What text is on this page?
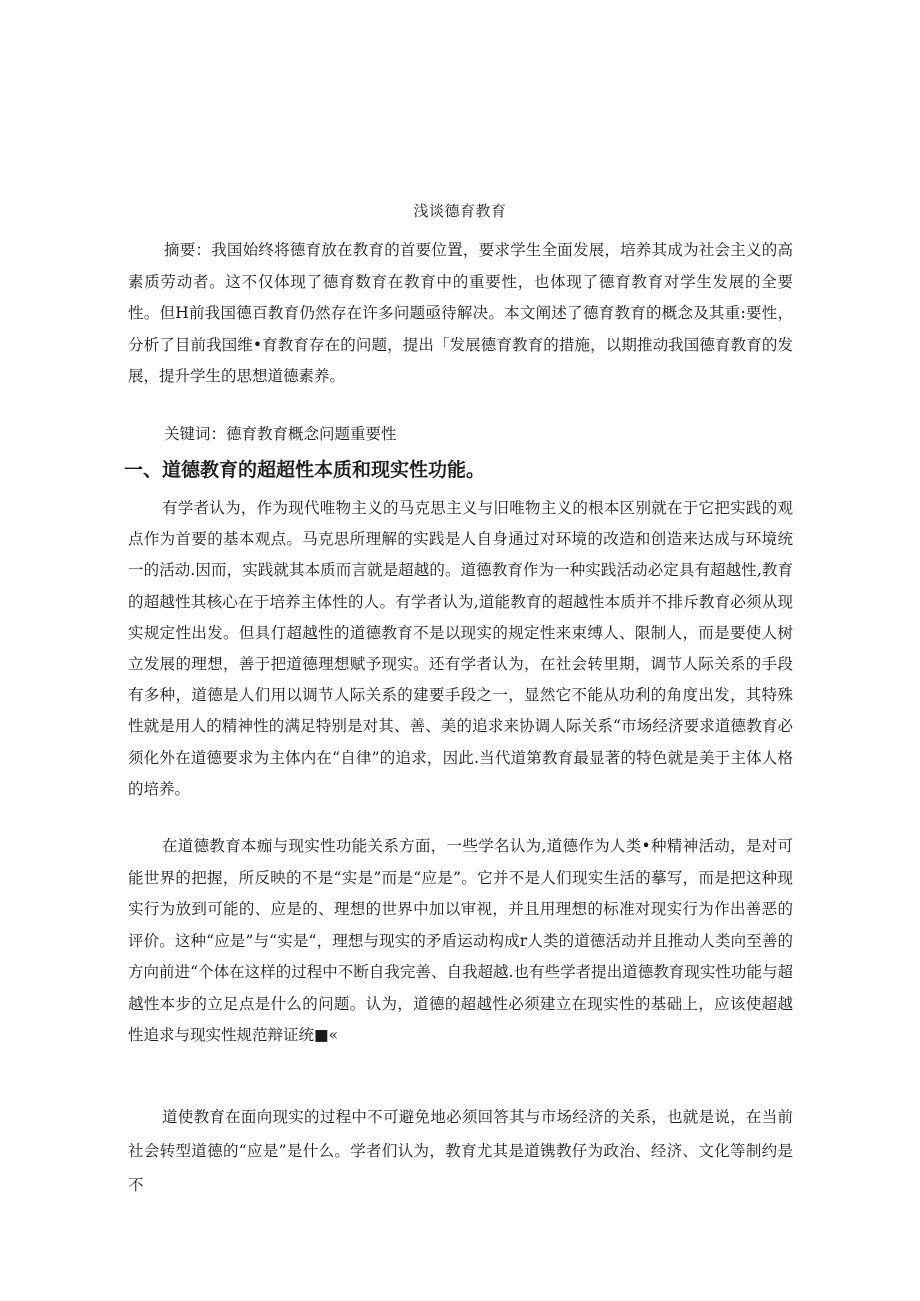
浅谈德育教育

摘要：我国始终将德育放在教育的首要位置，要求学生全面发展，培养其成为社会主义的高素质劳动者。这不仅体现了德育数育在教育中的重要性，也体现了德育教育对学生发展的全要性。但H前我国德百教育仍然存在许多问题亟待解决。本文阐述了德育教育的概念及其重:要性，分析了目前我国维•育教育存在的问题，提出「发展德育教育的措施，以期推动我国德育教育的发展，提升学生的思想道德素养。

关键词：德育教育概念问题重要性

一、道德教育的超超性本质和现实性功能。

有学者认为，作为现代唯物主义的马克思主义与旧唯物主义的根本区别就在于它把实践的观点作为首要的基本观点。马克思所理解的实践是人自身通过对环境的改造和创造来达成与环境统一的活动.因而，实践就其本质而言就是超越的。道德教育作为一种实践活动必定具有超越性,教育的超越性其核心在于培养主体性的人。有学者认为,道能教育的超越性本质并不排斥教育必须从现实规定性出发。但具仃超越性的道德教育不是以现实的规定性来束缚人、限制人，而是要使人树立发展的理想，善于把道德理想赋予现实。还有学者认为，在社会转里期，调节人际关系的手段有多种，道德是人们用以调节人际关系的建要手段之一，显然它不能从功利的角度出发，其特殊性就是用人的精神性的满足特别是对其、善、美的追求来协调人际关系“市场经济要求道德教育必须化外在道德要求为主体内在“自律”的追求，因此.当代道第教育最显著的特色就是美于主体人格的培养。

在道德教育本痂与现实性功能关系方面，一些学名认为,道德作为人类•种精神活动，是对可能世界的把握，所反映的不是“实是”而是“应是”。它并不是人们现实生活的摹写，而是把这种现实行为放到可能的、应是的、理想的世界中加以审视，并且用理想的标准对现实行为作出善恶的评价。这种“应是”与“实是“，理想与现实的矛盾运动构成r人类的道德活动并且推动人类向至善的方向前进“个体在这样的过程中不断自我完善、自我超越.也有些学者提出道德教育现实性功能与超越性本步的立足点是什么的问题。认为，道德的超越性必须建立在现实性的基础上，应该使超越性追求与现实性规范辩证统■«

道使教育在面向现实的过程中不可避免地必须回答其与市场经济的关系，也就是说，在当前社会转型道德的“应是”是什么。学者们认为，教育尤其是道镌教仔为政治、经济、文化等制约是不
